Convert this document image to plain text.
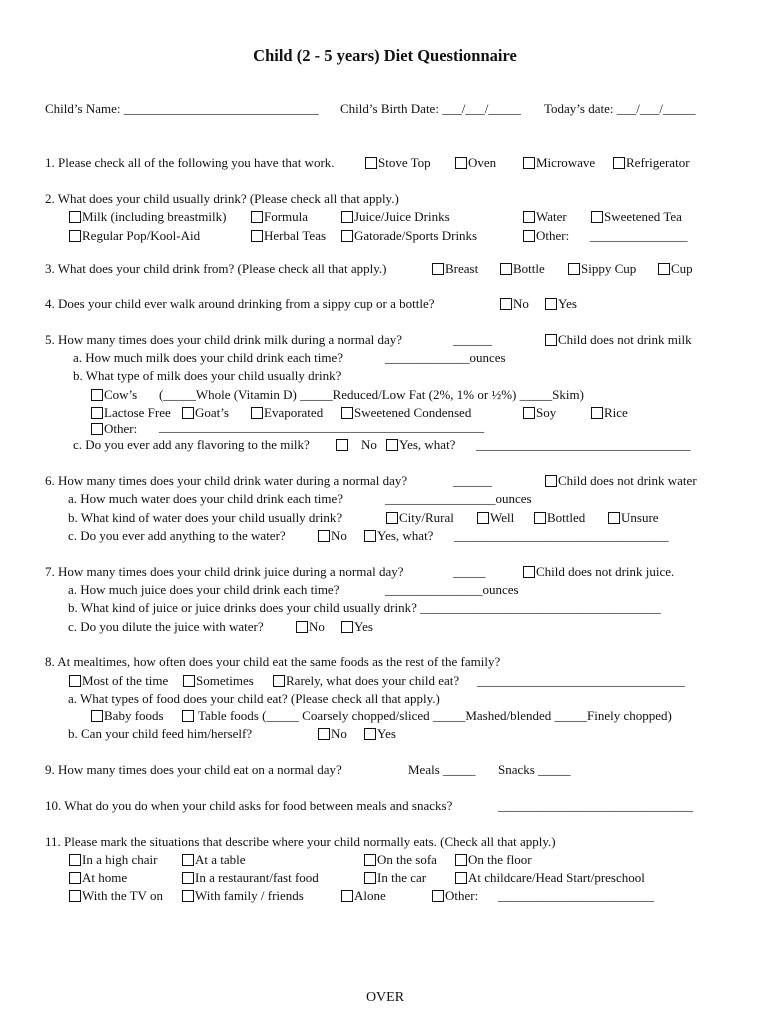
Child (2 - 5 years) Diet Questionnaire
Child’s Name: ______________________________ Child’s Birth Date: ___/___/_____ Today’s date: ___/___/_____
1. Please check all of the following you have that work.	Stove Top	Oven	Microwave	Refrigerator
2. What does your child usually drink? (Please check all that apply.)
Milk (including breastmilk)	Formula	Juice/Juice Drinks	Water	Sweetened Tea
Regular Pop/Kool-Aid	Herbal Teas	Gatorade/Sports Drinks	Other: _______________
3. What does your child drink from? (Please check all that apply.)	Breast	Bottle	Sippy Cup	Cup
4. Does your child ever walk around drinking from a sippy cup or a bottle?	No	Yes
5. How many times does your child drink milk during a normal day?	______	Child does not drink milk
a. How much milk does your child drink each time?	_____________ounces
b. What type of milk does your child usually drink?
Cow’s (_____Whole (Vitamin D) _____Reduced/Low Fat (2%, 1% or ½%) _____Skim)
Lactose Free	Goat’s	Evaporated	Sweetened Condensed	Soy	Rice
Other: __________________________________________________
c. Do you ever add any flavoring to the milk?	No	Yes, what? _________________________________
6. How many times does your child drink water during a normal day?	______	Child does not drink water
a. How much water does your child drink each time?	_________________ounces
b. What kind of water does your child usually drink?	City/Rural	Well	Bottled	Unsure
c. Do you ever add anything to the water?	No	Yes, what? _________________________________
7. How many times does your child drink juice during a normal day?	_____	Child does not drink juice.
a. How much juice does your child drink each time?	_______________ounces
b. What kind of juice or juice drinks does your child usually drink? _____________________________________
c. Do you dilute the juice with water?	No	Yes
8. At mealtimes, how often does your child eat the same foods as the rest of the family?
Most of the time	Sometimes	Rarely, what does your child eat? ________________________________
a. What types of food does your child eat? (Please check all that apply.)
Baby foods	Table foods (_____ Coarsely chopped/sliced _____Mashed/blended _____Finely chopped)
b. Can your child feed him/herself?	No	Yes
9. How many times does your child eat on a normal day?	Meals _____ Snacks _____
10. What do you do when your child asks for food between meals and snacks?	______________________________
11. Please mark the situations that describe where your child normally eats. (Check all that apply.)
In a high chair	At a table	On the sofa	On the floor
At home	In a restaurant/fast food	In the car	At childcare/Head Start/preschool
With the TV on	With family / friends	Alone	Other: ________________________
OVER
